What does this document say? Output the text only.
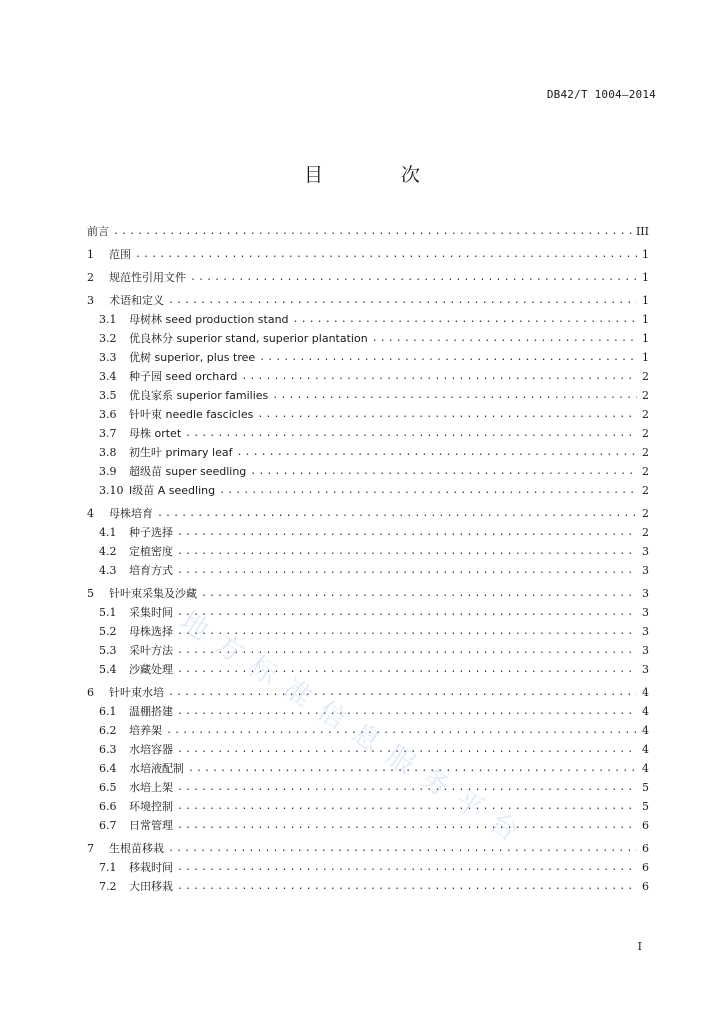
DB42/T 1004—2014
目 次
前言 . . .	III
1	范围 . . .	1
2	规范性引用文件 . . .	1
3	术语和定义 . . .	1
3.1	母树林 seed production stand . . .	1
3.2	优良林分 superior stand, superior plantation . . .	1
3.3	优树 superior, plus tree . . .	1
3.4	种子园 seed orchard . . .	2
3.5	优良家系 superior families . . .	2
3.6	针叶束 needle fascicles . . .	2
3.7	母株 ortet . . .	2
3.8	初生叶 primary leaf . . .	2
3.9	超级苗 super seedling . . .	2
3.10 Ⅰ级苗 A seedling . . .	2
4	母株培育 . . .	2
4.1	种子选择 . . .	2
4.2	定植密度 . . .	3
4.3	培育方式 . . .	3
5	针叶束采集及沙藏 . . .	3
5.1	采集时间 . . .	3
5.2	母株选择 . . .	3
5.3	采叶方法 . . .	3
5.4	沙藏处理 . . .	3
6	针叶束水培 . . .	4
6.1	温棚搭建 . . .	4
6.2	培养架 . . .	4
6.3	水培容器 . . .	4
6.4	水培液配制 . . .	4
6.5	水培上架 . . .	5
6.6	环境控制 . . .	5
6.7	日常管理 . . .	6
7	生根苗移栽 . . .	6
7.1	移栽时间 . . .	6
7.2	大田移栽 . . .	6
地方标准信息服务平台
I
